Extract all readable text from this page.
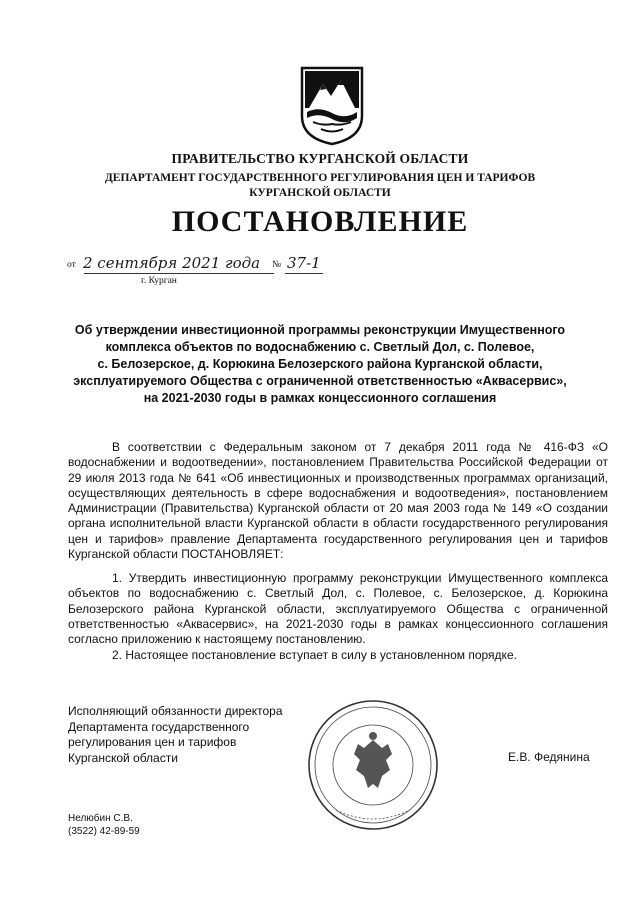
ПРАВИТЕЛЬСТВО КУРГАНСКОЙ ОБЛАСТИ
ДЕПАРТАМЕНТ ГОСУДАРСТВЕННОГО РЕГУЛИРОВАНИЯ ЦЕН И ТАРИФОВ
КУРГАНСКОЙ ОБЛАСТИ
ПОСТАНОВЛЕНИЕ
от 2 сентября 2021 года № 37-1
г. Курган
Об утверждении инвестиционной программы реконструкции Имущественного
комплекса объектов по водоснабжению с. Светлый Дол, с. Полевое,
с. Белозерское, д. Корюкина Белозерского района Курганской области,
эксплуатируемого Общества с ограниченной ответственностью «Аквасервис»,
на 2021-2030 годы в рамках концессионного соглашения

В соответствии с Федеральным законом от 7 декабря 2011 года № 416-ФЗ «О водоснабжении и водоотведении», постановлением Правительства Российской Федерации от 29 июля 2013 года № 641 «Об инвестиционных и производственных программах организаций, осуществляющих деятельность в сфере водоснабжения и водоотведения», постановлением Администрации (Правительства) Курганской области от 20 мая 2003 года № 149 «О создании органа исполнительной власти Курганской области в области государственного регулирования цен и тарифов» правление Департамента государственного регулирования цен и тарифов Курганской области ПОСТАНОВЛЯЕТ:

1. Утвердить инвестиционную программу реконструкции Имущественного комплекса объектов по водоснабжению с. Светлый Дол, с. Полевое, с. Белозерское, д. Корюкина Белозерского района Курганской области, эксплуатируемого Общества с ограниченной ответственностью «Аквасервис», на 2021-2030 годы в рамках концессионного соглашения согласно приложению к настоящему постановлению.

2. Настоящее постановление вступает в силу в установленном порядке.

Исполняющий обязанности директора
Департамента государственного
регулирования цен и тарифов
Курганской области	Е.В. Федянина
Нелюбин С.В.
(3522) 42-89-59
